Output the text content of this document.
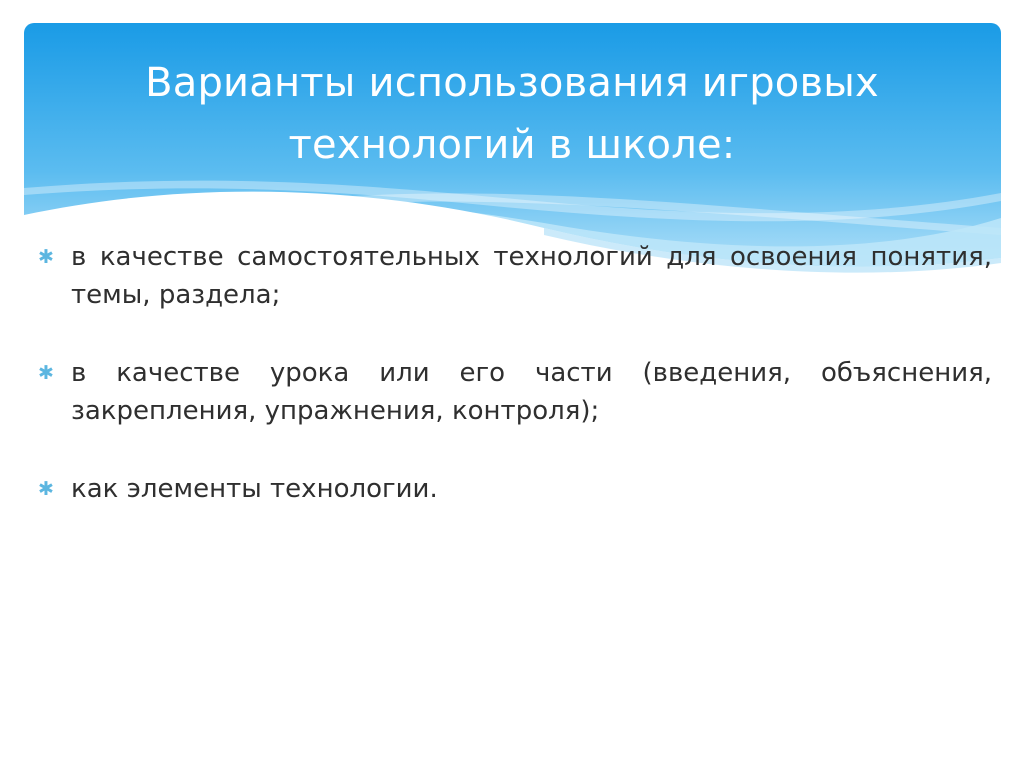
Варианты использования игровых
технологий в школе:
✱ в качестве самостоятельных технологий для освоения понятия, темы, раздела;
✱ в качестве урока или его части (введения, объяснения, закрепления, упражнения, контроля);
✱ как элементы технологии.
